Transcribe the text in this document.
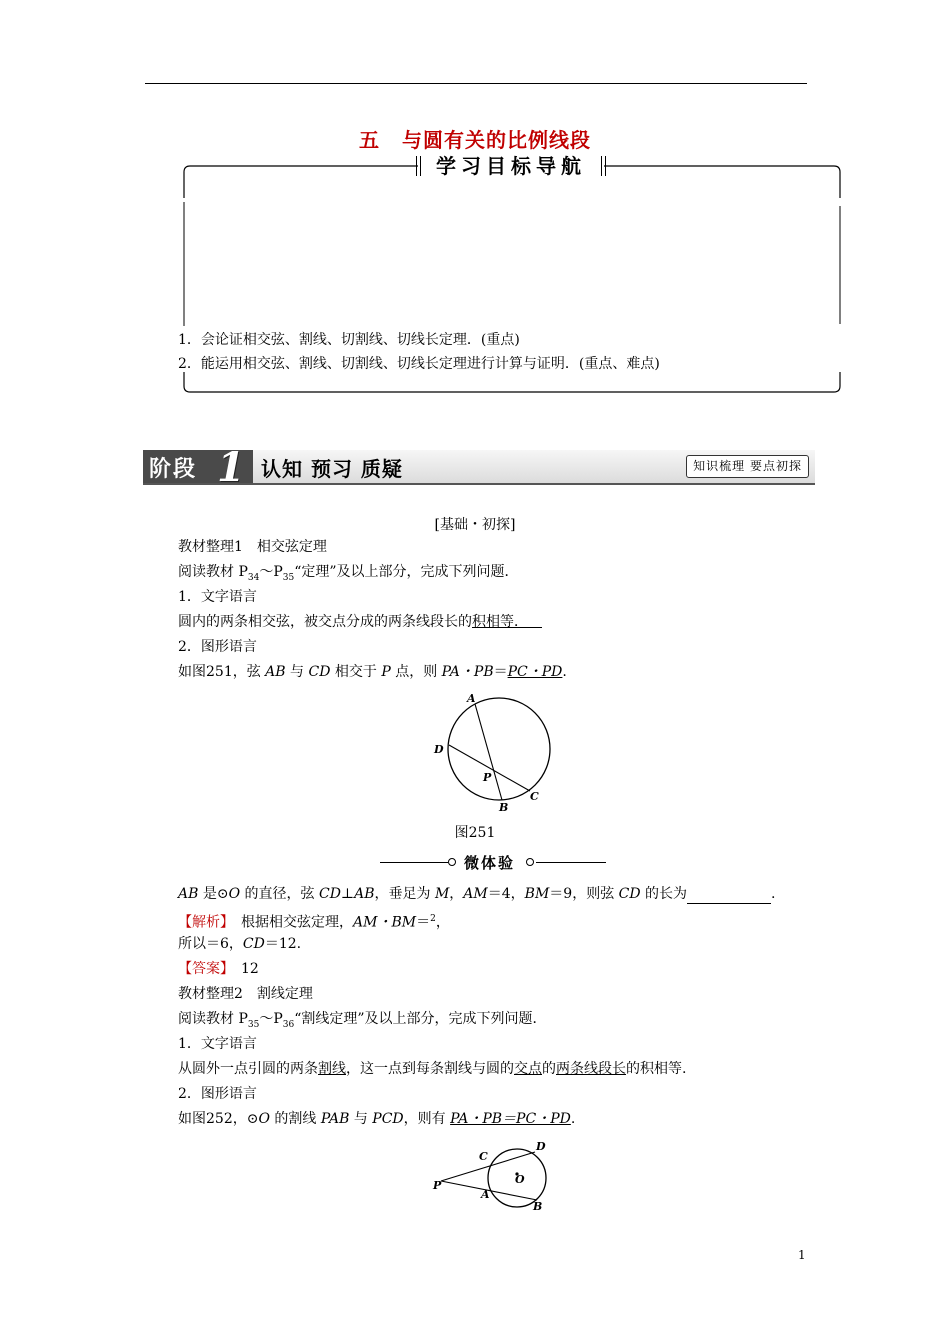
五 与圆有关的比例线段
学习目标导航
1．会论证相交弦、割线、切割线、切线长定理．(重点)
2．能运用相交弦、割线、切割线、切线长定理进行计算与证明．(重点、难点)
阶段 1 认知 预习 质疑	知识梳理 要点初探
[基础・初探]
教材整理1　相交弦定理
阅读教材 $P_{34}\sim P_{35}“$定理”及以上部分，完成下列问题．
1．文字语言
圆内的两条相交弦，被交点分成的两条线段长的积相等． 
2．图形语言
如图251，弦 AB 与 CD 相交于 P 点，则 PA・PB＝PC・PD.
A
D
P
B
C
图251
微体验
AB 是⊙O 的直径，弦 CD⊥AB，垂足为 M，AM＝4，BM＝9，则弦 CD 的长为	.
【解析】　根据相交弦定理，AM・BM＝$^2$，
所以＝6，CD＝12.
【答案】　12
教材整理2　割线定理
阅读教材 $P_{35}\sim P_{36}“$割线定理”及以上部分，完成下列问题．
1．文字语言
从圆外一点引圆的两条割线，这一点到每条割线与圆的交点的两条线段长的积相等.
2．图形语言
如图252，⊙O 的割线 PAB 与 PCD，则有 PA・PB＝PC・PD.
P
C
D
O
A
B
1
